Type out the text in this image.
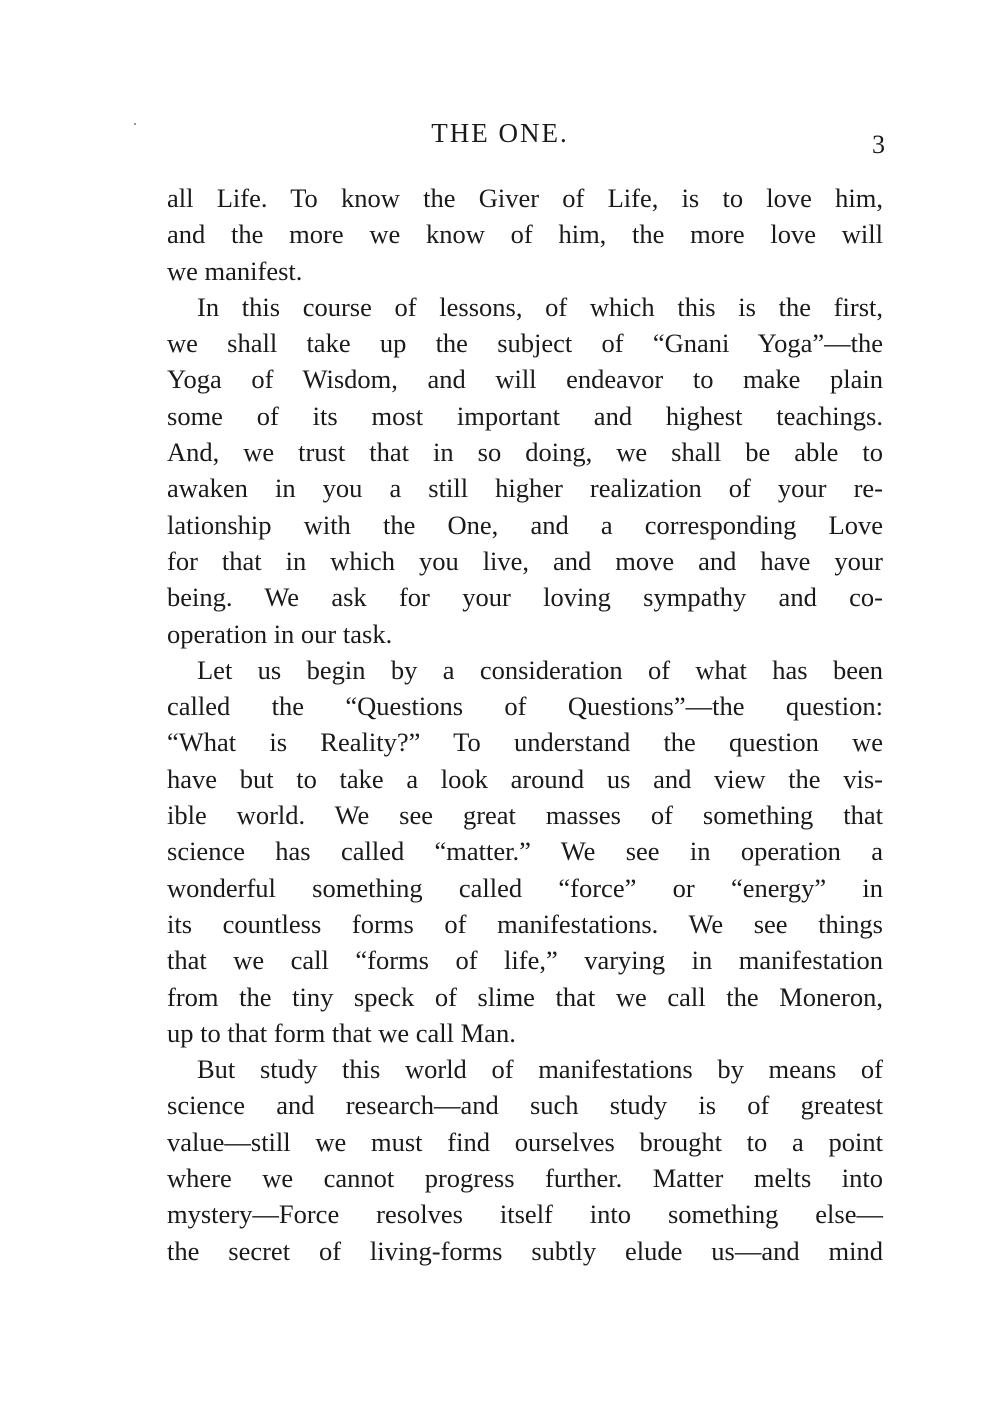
THE ONE.	3
all Life. To know the Giver of Life, is to love him,
and the more we know of him, the more love will
we manifest.
In this course of lessons, of which this is the first,
we shall take up the subject of “Gnani Yoga”—the
Yoga of Wisdom, and will endeavor to make plain
some of its most important and highest teachings.
And, we trust that in so doing, we shall be able to
awaken in you a still higher realization of your re-
lationship with the One, and a corresponding Love
for that in which you live, and move and have your
being. We ask for your loving sympathy and co-
operation in our task.
Let us begin by a consideration of what has been
called the “Questions of Questions”—the question:
“What is Reality?” To understand the question we
have but to take a look around us and view the vis-
ible world. We see great masses of something that
science has called “matter.” We see in operation a
wonderful something called “force” or “energy” in
its countless forms of manifestations. We see things
that we call “forms of life,” varying in manifestation
from the tiny speck of slime that we call the Moneron,
up to that form that we call Man.
But study this world of manifestations by means of
science and research—and such study is of greatest
value—still we must find ourselves brought to a point
where we cannot progress further. Matter melts into
mystery—Force resolves itself into something else—
the secret of living-forms subtly elude us—and mind
